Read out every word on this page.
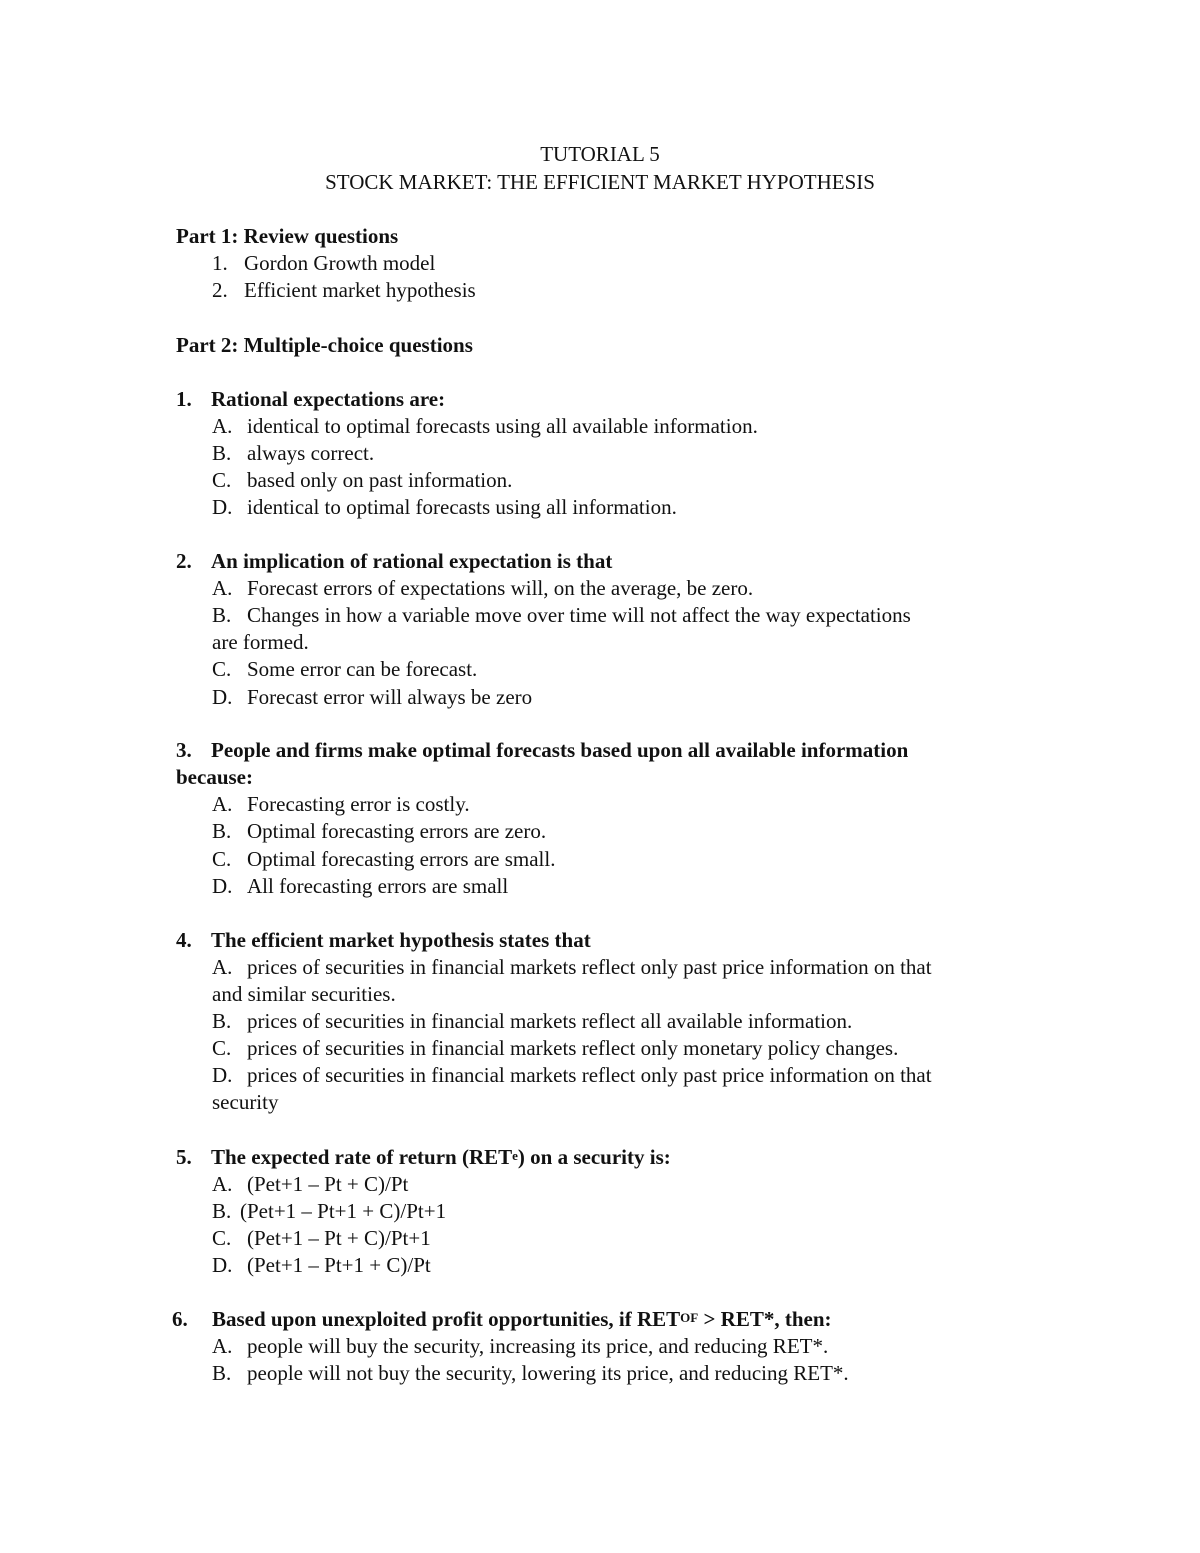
TUTORIAL 5
STOCK MARKET: THE EFFICIENT MARKET HYPOTHESIS
Part 1: Review questions
1. Gordon Growth model
2. Efficient market hypothesis
Part 2: Multiple-choice questions
1. Rational expectations are:
A. identical to optimal forecasts using all available information.
B. always correct.
C. based only on past information.
D. identical to optimal forecasts using all information.
2. An implication of rational expectation is that
A. Forecast errors of expectations will, on the average, be zero.
B. Changes in how a variable move over time will not affect the way expectations
are formed.
C. Some error can be forecast.
D. Forecast error will always be zero
3. People and firms make optimal forecasts based upon all available information
because:
A. Forecasting error is costly.
B. Optimal forecasting errors are zero.
C. Optimal forecasting errors are small.
D. All forecasting errors are small
4. The efficient market hypothesis states that
A. prices of securities in financial markets reflect only past price information on that
and similar securities.
B. prices of securities in financial markets reflect all available information.
C. prices of securities in financial markets reflect only monetary policy changes.
D. prices of securities in financial markets reflect only past price information on that
security
5. The expected rate of return (RET$^e$) on a security is:
A. (Pet+1 – Pt + C)/Pt
B. (Pet+1 – Pt+1 + C)/Pt+1
C. (Pet+1 – Pt + C)/Pt+1
D. (Pet+1 – Pt+1 + C)/Pt
6. Based upon unexploited profit opportunities, if $RET^{OF} > RET*$, then:
A. people will buy the security, increasing its price, and reducing RET*.
B. people will not buy the security, lowering its price, and reducing RET*.
